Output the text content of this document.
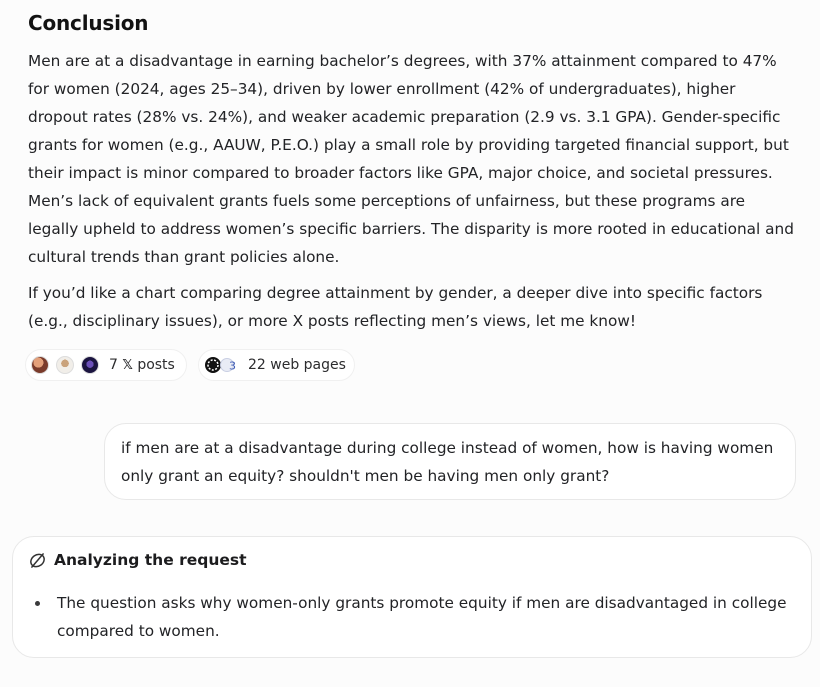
Conclusion

Men are at a disadvantage in earning bachelor’s degrees, with 37% attainment compared to 47% for women (2024, ages 25–34), driven by lower enrollment (42% of undergraduates), higher dropout rates (28% vs. 24%), and weaker academic preparation (2.9 vs. 3.1 GPA). Gender-specific grants for women (e.g., AAUW, P.E.O.) play a small role by providing targeted financial support, but their impact is minor compared to broader factors like GPA, major choice, and societal pressures. Men’s lack of equivalent grants fuels some perceptions of unfairness, but these programs are legally upheld to address women’s specific barriers. The disparity is more rooted in educational and cultural trends than grant policies alone.

If you’d like a chart comparing degree attainment by gender, a deeper dive into specific factors (e.g., disciplinary issues), or more X posts reflecting men’s views, let me know!

7
𝕏
posts	3 22 web pages
if men are at a disadvantage during college instead of women, how is having women only grant an equity? shouldn't men be having men only grant?
Analyzing the request
The question asks why women-only grants promote equity if men are disadvantaged in college compared to women.
